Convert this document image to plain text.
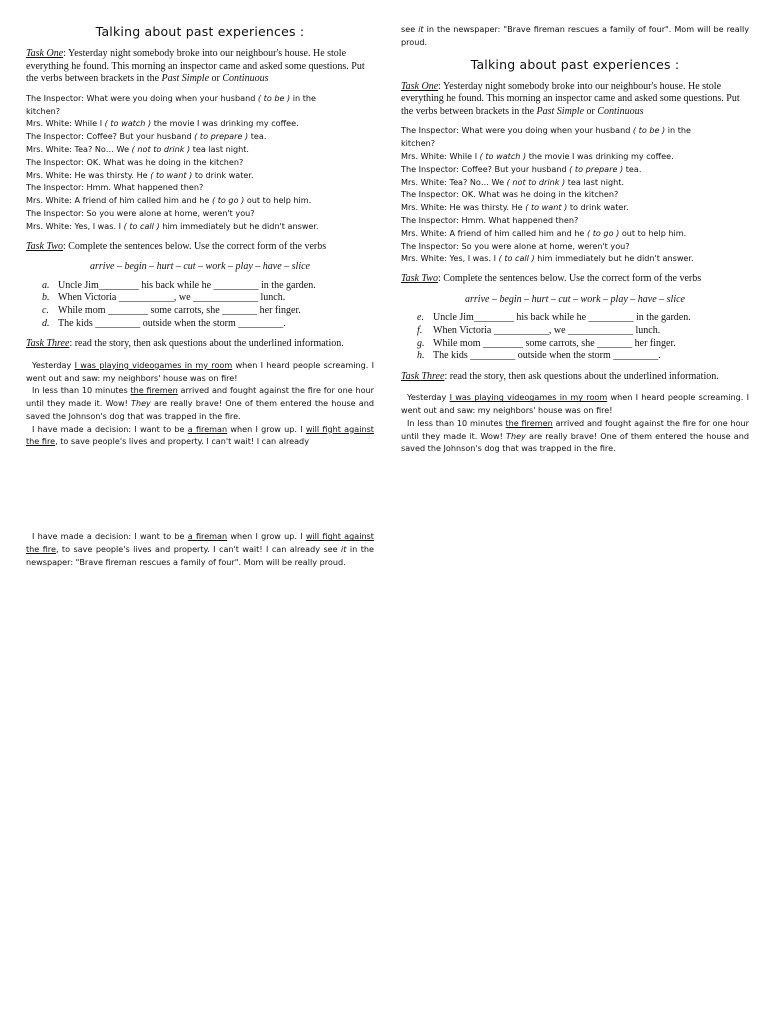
Talking about past experiences :

Task One: Yesterday night somebody broke into our neighbour's house. He stole everything he found. This morning an inspector came and asked some questions. Put the verbs between brackets in the Past Simple or Continuous

The Inspector: What were you doing when your husband ( to be ) in the
kitchen?
Mrs. White: While I ( to watch ) the movie I was drinking my coffee.
The Inspector: Coffee? But your husband ( to prepare ) tea.
Mrs. White: Tea? No… We ( not to drink ) tea last night.
The Inspector: OK. What was he doing in the kitchen?
Mrs. White: He was thirsty. He ( to want ) to drink water.
The Inspector: Hmm. What happened then?
Mrs. White: A friend of him called him and he ( to go ) out to help him.
The Inspector: So you were alone at home, weren't you?
Mrs. White: Yes, I was. I ( to call ) him immediately but he didn't answer.

Task Two: Complete the sentences below. Use the correct form of the verbs

arrive – begin – hurt – cut – work – play – have – slice
a. Uncle Jim________ his back while he _________ in the garden.
b. When Victoria ___________, we _____________ lunch.
c. While mom ________ some carrots, she _______ her finger.
d. The kids _________ outside when the storm _________.

Task Three: read the story, then ask questions about the underlined information.

Yesterday I was playing videogames in my room when I heard people screaming. I went out and saw: my neighbors' house was on fire!
In less than 10 minutes the firemen arrived and fought against the fire for one hour until they made it. Wow! They are really brave! One of them entered the house and saved the Johnson's dog that was trapped in the fire.
I have made a decision: I want to be a fireman when I grow up. I will fight against the fire, to save people's lives and property. I can't wait! I can already
I have made a decision: I want to be a fireman when I grow up. I will fight against the fire, to save people's lives and property. I can't wait! I can already see it in the newspaper: "Brave fireman rescues a family of four". Mom will be really proud.
see it in the newspaper: "Brave fireman rescues a family of four". Mom will be really proud.
Talking about past experiences :

Task One: Yesterday night somebody broke into our neighbour's house. He stole everything he found. This morning an inspector came and asked some questions. Put the verbs between brackets in the Past Simple or Continuous

The Inspector: What were you doing when your husband ( to be ) in the
kitchen?
Mrs. White: While I ( to watch ) the movie I was drinking my coffee.
The Inspector: Coffee? But your husband ( to prepare ) tea.
Mrs. White: Tea? No… We ( not to drink ) tea last night.
The Inspector: OK. What was he doing in the kitchen?
Mrs. White: He was thirsty. He ( to want ) to drink water.
The Inspector: Hmm. What happened then?
Mrs. White: A friend of him called him and he ( to go ) out to help him.
The Inspector: So you were alone at home, weren't you?
Mrs. White: Yes, I was. I ( to call ) him immediately but he didn't answer.

Task Two: Complete the sentences below. Use the correct form of the verbs

arrive – begin – hurt – cut – work – play – have – slice
e. Uncle Jim________ his back while he _________ in the garden.
f. When Victoria ___________, we _____________ lunch.
g. While mom ________ some carrots, she _______ her finger.
h. The kids _________ outside when the storm _________.

Task Three: read the story, then ask questions about the underlined information.

Yesterday I was playing videogames in my room when I heard people screaming. I went out and saw: my neighbors' house was on fire!
In less than 10 minutes the firemen arrived and fought against the fire for one hour until they made it. Wow! They are really brave! One of them entered the house and saved the Johnson's dog that was trapped in the fire.
